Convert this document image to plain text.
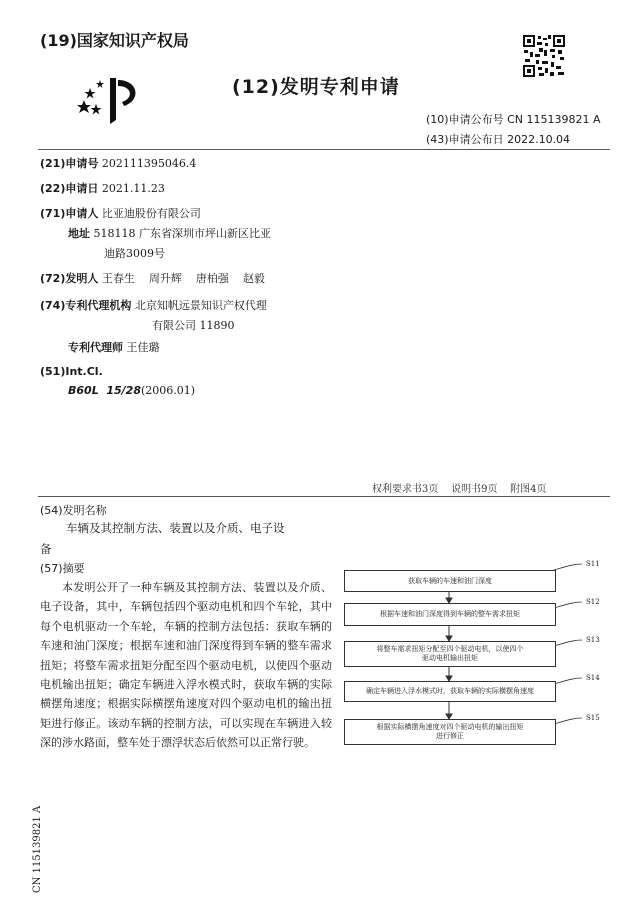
(19)国家知识产权局
(12)发明专利申请
(10)申请公布号 CN 115139821 A
(43)申请公布日 2022.10.04
(21)申请号 202111395046.4
(22)申请日 2021.11.23
(71)申请人 比亚迪股份有限公司
地址 518118 广东省深圳市坪山新区比亚
迪路3009号
(72)发明人 王春生    周升辉    唐柏强    赵毅
(74)专利代理机构 北京知帆远景知识产权代理
有限公司 11890
专利代理师 王佳璐
(51)Int.Cl.
B60L  15/28(2006.01)
权利要求书3页    说明书9页    附图4页
(54)发明名称
车辆及其控制方法、装置以及介质、电子设
备
(57)摘要
本发明公开了一种车辆及其控制方法、装置以及介质、电子设备，其中，车辆包括四个驱动电机和四个车轮，其中每个电机驱动一个车轮，车辆的控制方法包括：获取车辆的车速和油门深度；根据车速和油门深度得到车辆的整车需求扭矩；将整车需求扭矩分配至四个驱动电机，以使四个驱动电机输出扭矩；确定车辆进入浮水模式时，获取车辆的实际横摆角速度；根据实际横摆角速度对四个驱动电机的输出扭矩进行修正。该动车辆的控制方法，可以实现在车辆进入较深的涉水路面，整车处于漂浮状态后依然可以正常行驶。
获取车辆的车速和油门深度
S11
根据车速和油门深度得到车辆的整车需求扭矩
S12
将整车需求扭矩分配至四个驱动电机，以使四个
驱动电机输出扭矩
S13
确定车辆进入浮水模式时，获取车辆的实际横摆角速度
S14
根据实际横摆角速度对四个驱动电机的输出扭矩
进行修正
S15
CN 115139821 A
